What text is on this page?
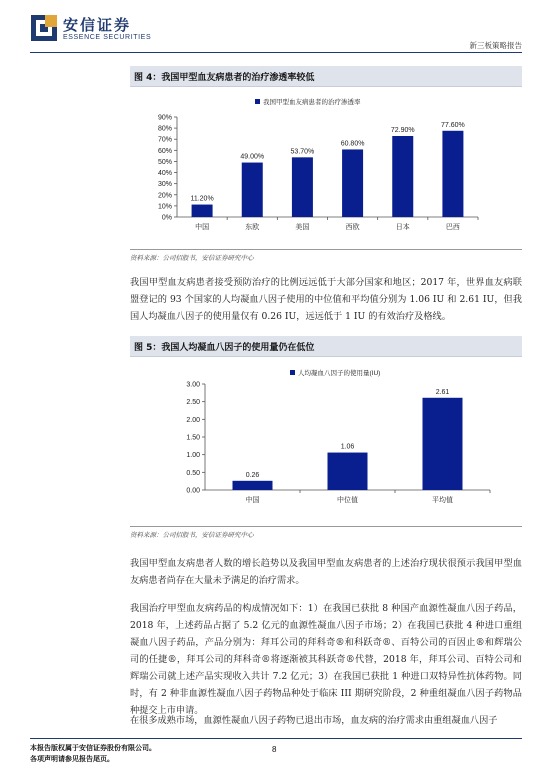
安信证券
ESSENCE SECURITIES
新三板策略报告
图 4：我国甲型血友病患者的治疗渗透率较低
我国甲型血友病患者的治疗渗透率
0%
10%
20%
30%
40%
50%
60%
70%
80%
90%
11.20%
中国
49.00%
东欧
53.70%
美国
60.80%
西欧
72.90%
日本
77.60%
巴西
资料来源：公司招股书，安信证券研究中心
我国甲型血友病患者接受预防治疗的比例远远低于大部分国家和地区；2017 年，世界血友病联盟登记的 93 个国家的人均凝血八因子使用的中位值和平均值分别为 1.06 IU 和 2.61 IU，但我国人均凝血八因子的使用量仅有 0.26 IU，远远低于 1 IU 的有效治疗及格线。
图 5：我国人均凝血八因子的使用量仍在低位
人均凝血八因子的使用量(IU)
0.00
0.50
1.00
1.50
2.00
2.50
3.00
0.26
中国
1.06
中位值
2.61
平均值
资料来源：公司招股书，安信证券研究中心
我国甲型血友病患者人数的增长趋势以及我国甲型血友病患者的上述治疗现状很预示我国甲型血友病患者尚存在大量未予满足的治疗需求。
我国治疗甲型血友病药品的构成情况如下：1）在我国已获批 8 种国产血源性凝血八因子药品，2018 年，上述药品占据了 5.2 亿元的血源性凝血八因子市场；2）在我国已获批 4 种进口重组凝血八因子药品，产品分别为：拜耳公司的拜科奇®和科跃奇®、百特公司的百因止®和辉瑞公司的任捷®，拜耳公司的拜科奇®将逐渐被其科跃奇®代替，2018 年，拜耳公司、百特公司和辉瑞公司就上述产品实现收入共计 7.2 亿元；3）在我国已获批 1 种进口双特异性抗体药物。同时，有 2 种非血源性凝血八因子药物品种处于临床 III 期研究阶段，2 种重组凝血八因子药物品种提交上市申请。
在很多成熟市场，血源性凝血八因子药物已退出市场，血友病的治疗需求由重组凝血八因子
本报告版权属于安信证券股份有限公司。
各项声明请参见报告尾页。
8
